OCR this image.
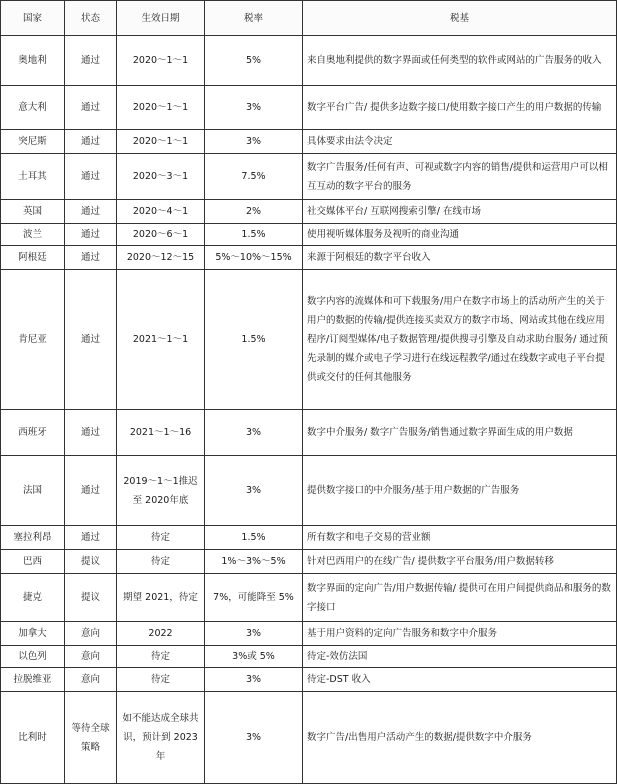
国家	状态	生效日期	税率	税基
奥地利	通过	2020～1～1	5%	来自奥地利提供的数字界面或任何类型的软件或网站的广告服务的收入
意大利	通过	2020～1～1	3%	数字平台广告/ 提供多边数字接口/使用数字接口产生的用户数据的传输
突尼斯	通过	2020～1～1	3%	具体要求由法令决定
土耳其	通过	2020～3～1	7.5%	数字广告服务/任何有声、可视或数字内容的销售/提供和运营用户可以相互互动的数字平台的服务
英国	通过	2020～4～1	2%	社交媒体平台/ 互联网搜索引擎/ 在线市场
波兰	通过	2020～6～1	1.5%	使用视听媒体服务及视听的商业沟通
阿根廷	通过	2020～12～15	5%～10%～15%	来源于阿根廷的数字平台收入
肯尼亚	通过	2021～1～1	1.5%	数字内容的流媒体和可下载服务/用户在数字市场上的活动所产生的关于用户的数据的传输/提供连接买卖双方的数字市场、网站或其他在线应用程序/订阅型媒体/电子数据管理/提供搜寻引擎及自动求助台服务/ 通过预先录制的媒介或电子学习进行在线远程教学/通过在线数字或电子平台提供或交付的任何其他服务
西班牙	通过	2021～1～16	3%	数字中介服务/ 数字广告服务/销售通过数字界面生成的用户数据
法国	通过	2019～1～1推迟至 2020年底	3%	提供数字接口的中介服务/基于用户数据的广告服务
塞拉利昂	通过	待定	1.5%	所有数字和电子交易的营业额
巴西	提议	待定	1%～3%～5%	针对巴西用户的在线广告/ 提供数字平台服务/用户数据转移
捷克	提议	期望 2021，待定	7%，可能降至 5%	数字界面的定向广告/用户数据传输/ 提供可在用户间提供商品和服务的数字接口
加拿大	意向	2022	3%	基于用户资料的定向广告服务和数字中介服务
以色列	意向	待定	3%或 5%	待定-效仿法国
拉脱维亚	意向	待定	3%	待定-DST 收入
比利时	等待全球策略	如不能达成全球共识，预计到 2023年	3%	数字广告/出售用户活动产生的数据/提供数字中介服务
